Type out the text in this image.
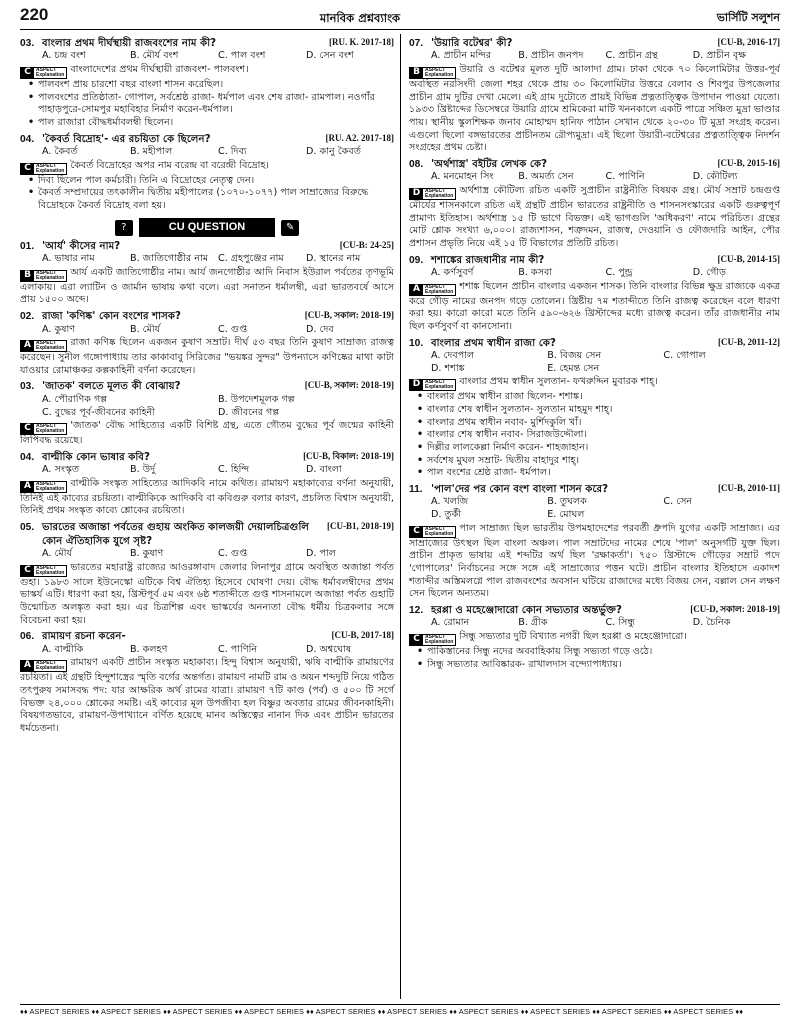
220	মানবিক প্রশ্নব্যাংক	ভার্সিটি সলুশন
03. বাংলার প্রথম দীর্ঘস্থায়ী রাজবংশের নাম কী?	[RU. K. 2017-18]
A. চন্দ্র বংশ	B. মৌর্য বংশ	C. পাল বংশ	D. সেন বংশ
C	ASPECT
Explanation বাংলাদেশের প্রথম দীর্ঘস্থায়ী রাজবংশ- পালবংশ।
• পালবংশ প্রায় চারশো বছর বাংলা শাসন করেছিল।
• পালবংশের প্রতিষ্ঠাতা- গোপাল, সর্বশ্রেষ্ঠ রাজা- ধর্মপাল এবং শেষ রাজা- রামপাল। নওগাঁর পাহাড়পুরে-সোমপুর মহাবিহার নির্মাণ করেন-ধর্মপাল।
• পাল রাজারা বৌদ্ধধর্মাবলম্বী ছিলেন।
04. 'কৈবর্ত বিদ্রোহ'- এর রচয়িতা কে ছিলেন?	[RU. A2. 2017-18]
A. কৈবর্ত	B. মহীপাল	C. দিব্য	D. কানু কৈবর্ত
C	ASPECT
Explanation কৈবর্ত বিদ্রোহের অপর নাম বরেন্দ্র বা বরেন্দ্রী বিদ্রোহ।
• দিব্য ছিলেন পাল কর্মচারী। তিনি এ বিদ্রোহের নেতৃত্ব দেন।
• কৈবর্ত সম্প্রদায়ের তৎকালীন দ্বিতীয় মহীপালের (১০৭০-১০৭৭) পাল সাম্রাজ্যের বিরুদ্ধে বিদ্রোহকে কৈবর্ত বিদ্রোহ বলা হয়।
?	CU QUESTION	✎
01. 'আর্য' কীসের নাম?	[CU-B: 24-25]
A. ভাষার নাম	B. জাতিগোষ্ঠীর নাম	C. গ্রহপুঞ্জের নাম	D. স্থানের নাম
B	ASPECT
Explanation আর্য একটি জাতিগোষ্ঠীর নাম। আর্য জনগোষ্ঠীর আদি নিবাস ইউরাল পর্বতের তৃণভূমি এলাকায়। এরা ল্যাটিন ও জার্মান ভাষায় কথা বলে। এরা সনাতন ধর্মালম্বী, এরা ভারতবর্ষে আসে প্রায় ১৫০০ অব্দে।
02. রাজা 'কণিষ্ক' কোন বংশের শাসক?	[CU-B, সকাল: 2018-19]
A. কুষাণ	B. মৌর্য	C. গুপ্ত	D. দেব
A	ASPECT
Explanation রাজা কণিষ্ক ছিলেন একজন কুষাণ সম্রাট। দীর্ঘ ৫৩ বছর তিনি কুষাণ সাম্রাজ্য রাজত্ব করেছেন। সুনীল গঙ্গোপাধ্যায় তার কাকাবাবু সিরিজের "ভয়ঙ্কর সুন্দর" উপন্যাসে কণিষ্কের মাথা কাটা যাওয়ার রোমাঞ্চকর কল্পকাহিনী বর্ণনা করেছেন।
03. 'জাতক' বলতে মূলত কী বোঝায়?	[CU-B, সকাল: 2018-19]
A. পৌরাণিক গল্প	B. উপদেশমূলক গল্প
C. বুদ্ধের পূর্ব-জীবনের কাহিনী	D. জীবনের গল্প
C	ASPECT
Explanation 'জাতক' বৌদ্ধ সাহিত্যের একটি বিশিষ্ট গ্রন্থ, এতে গৌতম বুদ্ধের পূর্ব জন্মের কাহিনী লিপিবদ্ধ রয়েছে।
04. বাল্মীকি কোন ভাষার কবি?	[CU-B, বিকাল: 2018-19]
A. সংস্কৃত	B. উর্দু	C. হিন্দি	D. বাংলা
A	ASPECT
Explanation বাল্মীকি সংস্কৃত সাহিত্যের আদিকবি নামে কথিত। রামায়ণ মহাকাব্যের বর্ণনা অনুযায়ী, তিনিই এই কাব্যের রচয়িতা। বাল্মীকিকে আদিকবি বা কবিগুরু বলার কারণ, প্রচলিত বিশ্বাস অনুযায়ী, তিনিই প্রথম সংস্কৃত কাব্যে শ্লোকের রচয়িতা।
05. ভারতের অজান্তা পর্বতের গুহায় অংকিত কালজয়ী দেয়ালচিত্রগুলি কোন ঐতিহাসিক যুগে সৃষ্ট?
[CU-B1, 2018-19]
A. মৌর্য	B. কুষাণ	C. গুপ্ত	D. পাল
C	ASPECT
Explanation ভারতের মহারাষ্ট্র রাজ্যের আওরঙ্গাবাদ জেলার লিনাপুর গ্রামে অবস্থিত অজান্তা পর্বত গুহা। ১৯৮৩ সালে ইউনেস্কো এটিকে বিশ্ব ঐতিহ্য হিসেবে ঘোষণা দেয়। বৌদ্ধ ধর্মাবলম্বীদের প্রথম ভাস্কর্য এটি। ধারণা করা হয়, খ্রিস্টপূর্ব ৫ম এবং ৬ষ্ঠ শতাব্দীতে গুপ্ত শাসনামলে অজান্তা পর্বত গুহাটি উন্মোচিত অলঙ্কৃত করা হয়। এর চিত্রশিল্প এবং ভাস্কর্যের অনন্যতা বৌদ্ধ ধর্মীয় চিত্রকলার সঙ্গে বিবেচনা করা হয়।
06. রামায়ণ রচনা করেন-	[CU-B, 2017-18]
A. বাল্মীকি	B. কলহণ	C. পাণিনি	D. অশ্বঘোষ
A	ASPECT
Explanation রামায়ণ একটি প্রাচীন সংস্কৃত মহাকাব্য। হিন্দু বিশ্বাস অনুযায়ী, ঋষি বাল্মীকি রামায়ণের রচয়িতা। এই গ্রন্থটি হিন্দুশাস্ত্রের স্মৃতি বর্গের অন্তর্গত। রামায়ণ নামটি রাম ও অয়ন শব্দদুটি নিয়ে গঠিত তৎপুরুষ সমাসবদ্ধ পদ: যার আক্ষরিক অর্থ রামের যাত্রা। রামায়ণ ৭টি কাণ্ড (পর্ব) ও ৫০০ টি সর্গে বিভক্ত ২৪,০০০ শ্লোকের সমষ্টি। এই কাব্যের মূল উপজীব্য হল বিষ্ণুর অবতার রামের জীবনকাহিনী। বিষয়গতভাবে, রামায়ণ-উপাখ্যানে বর্ণিত হয়েছে মানব অস্তিত্বের নানান দিক এবং প্রাচীন ভারতের ধর্মচেতনা।
07. 'উয়ারি বটেশ্বর' কী?	[CU-B, 2016-17]
A. প্রাচীন মন্দির	B. প্রাচীন জনপদ	C. প্রাচীন গ্রন্থ	D. প্রাচীন বৃক্ষ
B	ASPECT
Explanation উয়ারি ও বটেশ্বর মূলত দুটি আলাদা গ্রাম। ঢাকা থেকে ৭০ কিলোমিটার উত্তর-পূর্ব অবস্থিত নরসিংদী জেলা শহর থেকে প্রায় ৩০ কিলোমিটার উত্তরে বেলাব ও শিবপুর উপজেলার প্রাচীন গ্রাম দুটির দেখা মেলে। এই গ্রাম দুটোতে প্রায়ই বিভিন্ন প্রত্নতাত্ত্বিক উপাদান পাওয়া যেতো। ১৯৩৩ খ্রিষ্টাব্দের ডিসেম্বরে উয়ারি গ্রামে শ্রমিকেরা মাটি খননকালে একটি পাত্রে সঞ্চিত মুদ্রা ভাণ্ডার পায়। স্থানীয় স্কুলশিক্ষক জনাব মোহাম্মদ হানিফ পাঠান সেখান থেকে ২০-৩০ টি মুদ্রা সংগ্রহ করেন। এগুলো ছিলো বঙ্গভারতের প্রাচীনতম রৌপ্যমুদ্রা। এই ছিলো উয়ারী-বটেশ্বরের প্রত্নতাত্ত্বিক নিদর্শন সংগ্রহের প্রথম চেষ্টা।
08. 'অর্থশাস্ত্র' বইটির লেখক কে?	[CU-B, 2015-16]
A. মনমোহন সিং	B. অমর্ত্য সেন	C. পাণিনি	D. কৌটিল্য
D ASPECT
Explanation অর্থশাস্ত্র কৌটিল্য রচিত একটি সুপ্রাচীন রাষ্ট্রনীতি বিষয়ক গ্রন্থ। মৌর্য সম্রাট চন্দ্রগুপ্ত মৌর্যের শাসনকালে রচিত এই গ্রন্থটি প্রাচীন ভারতের রাষ্ট্রনীতি ও শাসনসংস্কারের একটি গুরুত্বপূর্ণ প্রামাণ্য ইতিহাস। অর্থশাস্ত্র ১৫ টি ভাগে বিভক্ত। এই ভাগগুলি 'অধিকরণ' নামে পরিচিত। গ্রন্থের মোট শ্লোক সংখ্যা ৬,০০০। রাজ্যশাসন, শত্রুদমন, রাজস্ব, দেওয়ানি ও ফৌজদারি আইন, পৌর প্রশাসন প্রভৃতি নিয়ে এই ১৫ টি বিভাগের প্রতিটি রচিত।
09. শশাঙ্কের রাজধানীর নাম কী?	[CU-B, 2014-15]
A. কর্ণসুবর্ণ	B. কসবা	C. পুন্ড্র	D. গৌড়
A	ASPECT
Explanation শশাঙ্ক ছিলেন প্রাচীন বাংলার একজন শাসক। তিনি বাংলার বিভিন্ন ক্ষুদ্র রাজ্যকে একত্র করে গৌড় নামের জনপদ গড়ে তোলেন। খ্রিষ্টীয় ৭ম শতাব্দীতে তিনি রাজত্ব করেছেন বলে ধারণা করা হয়। কারো কারো মতে তিনি ৫৯০-৬২৬ খ্রিস্টাব্দের মধ্যে রাজত্ব করেন। তাঁর রাজধানীর নাম ছিল কর্ণসুবর্ণ বা কানসোনা।
10. বাংলার প্রথম স্বাধীন রাজা কে?	[CU-B, 2011-12]
A. দেবপাল	B. বিজয় সেন	C. গোপাল
D. শশাঙ্ক	E. হেমন্ত সেন
D ASPECT
Explanation বাংলার প্রথম স্বাধীন সুলতান- ফখরুদ্দিন মুবারক শাহ্‌।
• বাংলার প্রথম স্বাধীন রাজা ছিলেন- শশাঙ্ক।
• বাংলার শেষ স্বাধীন সুলতান- সুলতান মাহমুদ শাহ্‌।
• বাংলার প্রথম স্বাধীন নবাব- মুর্শিদকুলি খাঁ।
• বাংলার শেষ স্বাধীন নবাব- সিরাজউদ্দৌলা।
• দিল্লীর লালকেল্লা নির্মাণ করেন- শাহজাহান।
• সর্বশেষ মুঘল সম্রাট- দ্বিতীয় বাহাদুর শাহ্‌।
• পাল বংশের শ্রেষ্ঠ রাজা- ধর্মপাল।
11. 'পাল'দের পর কোন বংশ বাংলা শাসন করে?	[CU-B, 2010-11]
A. খলজি	B. তুঘলক	C. সেন
D. তুর্কী	E. মোঘল
C	ASPECT
Explanation পাল সাম্রাজ্য ছিল ভারতীয় উপমহাদেশের পরবর্তী ধ্রুপদি যুগের একটি সাম্রাজ্য। এর সাম্রাজ্যের উৎস্থল ছিল বাংলা অঞ্চল। পাল সম্রাটদের নামের শেষে 'পাল' অনুসর্গটি যুক্ত ছিল। প্রাচীন প্রাকৃত ভাষায় এই শব্দটির অর্থ ছিল 'রক্ষাকর্তা'। ৭৫০ খ্রিস্টাব্দে গৌড়ের সম্রাট পদে 'গোপালের' নির্বাচনের সঙ্গে সঙ্গে এই সাম্রাজ্যের পত্তন ঘটে। প্রাচীন বাংলার ইতিহাসে একাদশ শতাব্দীর অস্তিমলগ্নে পাল রাজবংশের অবসান ঘটিয়ে রাজাদের মধ্যে বিজয় সেন, বল্লাল সেন লক্ষণ সেন ছিলেন অন্যতম।
12. হরপ্পা ও মহেঞ্জোদারো কোন সভ্যতার অন্তর্ভুক্ত?	[CU-D, সকাল: 2018-19]
A. রোমান	B. গ্রীক	C. সিন্ধু	D. চৈনিক
C	ASPECT
Explanation সিন্ধু সভ্যতার দুটি বিখ্যাত নগরী ছিল হরপ্পা ও মহেঞ্জোদারো।
• পাকিস্তানের সিন্ধু নদের অববাহিকায় সিন্ধু সভ্যতা গড়ে ওঠে।
• সিন্ধু সভ্যতার আবিষ্কারক- রাখালদাস বন্দ্যোপাধ্যায়।
♦♦ ASPECT SERIES ♦♦ ASPECT SERIES ♦♦ ASPECT SERIES ♦♦ ASPECT SERIES ♦♦ ASPECT SERIES ♦♦ ASPECT SERIES ♦♦ ASPECT SERIES ♦♦ ASPECT SERIES ♦♦ ASPECT SERIES ♦♦ ASPECT SERIES ♦♦
